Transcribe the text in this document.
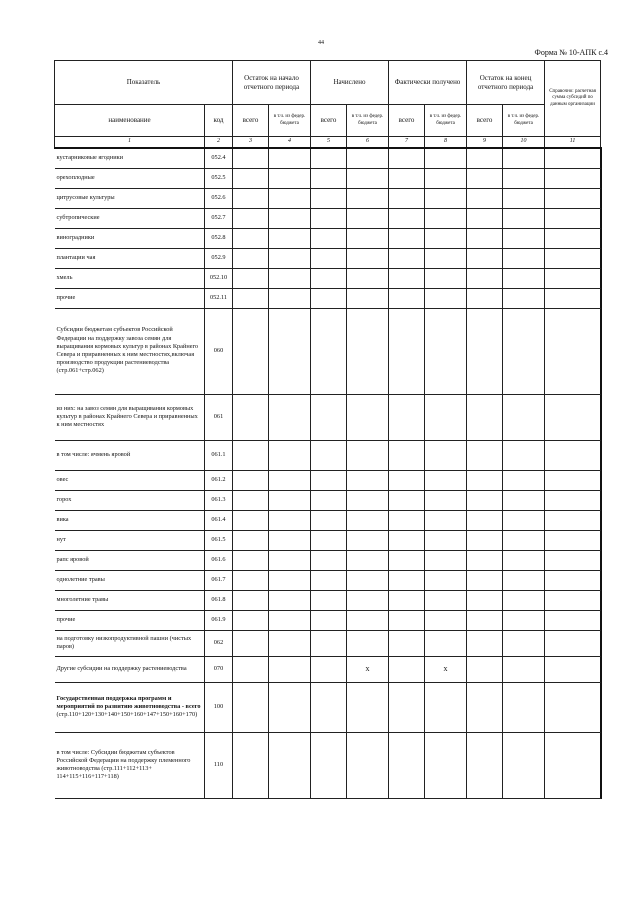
44
Форма № 10-АПК с.4
Показатель		Остаток на начало отчетного периода		Начислено		Фактически получено		Остаток на конец отчетного периода		Справочно: расчетная сумма субсидий по данным организации	
наименование	код	всего	в т.ч. из федер. бюджета	всего	в т.ч. из федер. бюджета	всего	в т.ч. из федер. бюджета	всего	в т.ч. из федер. бюджета		
1	2	3	4	5	6	7	8	9	10	11	
кустарниковые ягодники	052.4										
орехоплодные	052.5										
цитрусовые культуры	052.6										
субтропические	052.7										
виноградники	052.8										
плантации чая	052.9										
хмель	052.10										
прочие	052.11										
Субсидии бюджетам субъектов Российской Федерации на поддержку завоза семян для выращивания кормовых культур в районах Крайнего Севера и приравненных к ним местностях,включая производство продукции растениеводства (стр.061+стр.062)	060										
из них: на завоз семян для выращивания кормовых культур в районах Крайнего Севера и приравненных к ним местностях	061										
в том числе: ячмень яровой	061.1										
овес	061.2										
горох	061.3										
вика	061.4										
нут	061.5										
рапс яровой	061.6										
однолетние травы	061.7										
многолетние травы	061.8										
прочие	061.9										
на подготовку низкопродуктивной пашни (чистых паров)	062										
Другие субсидии на поддержку растениеводства	070				x		x				
Государственная поддержка программ и мероприятий по развитию животноводства - всего (стр.110+120+130+140+150+160+147+150+160+170)	100										
в том числе: Субсидии бюджетам субъектов Российской Федерации на поддержку племенного животноводства (стр.111+112+113+ 114+115+116+117+118)	110										
